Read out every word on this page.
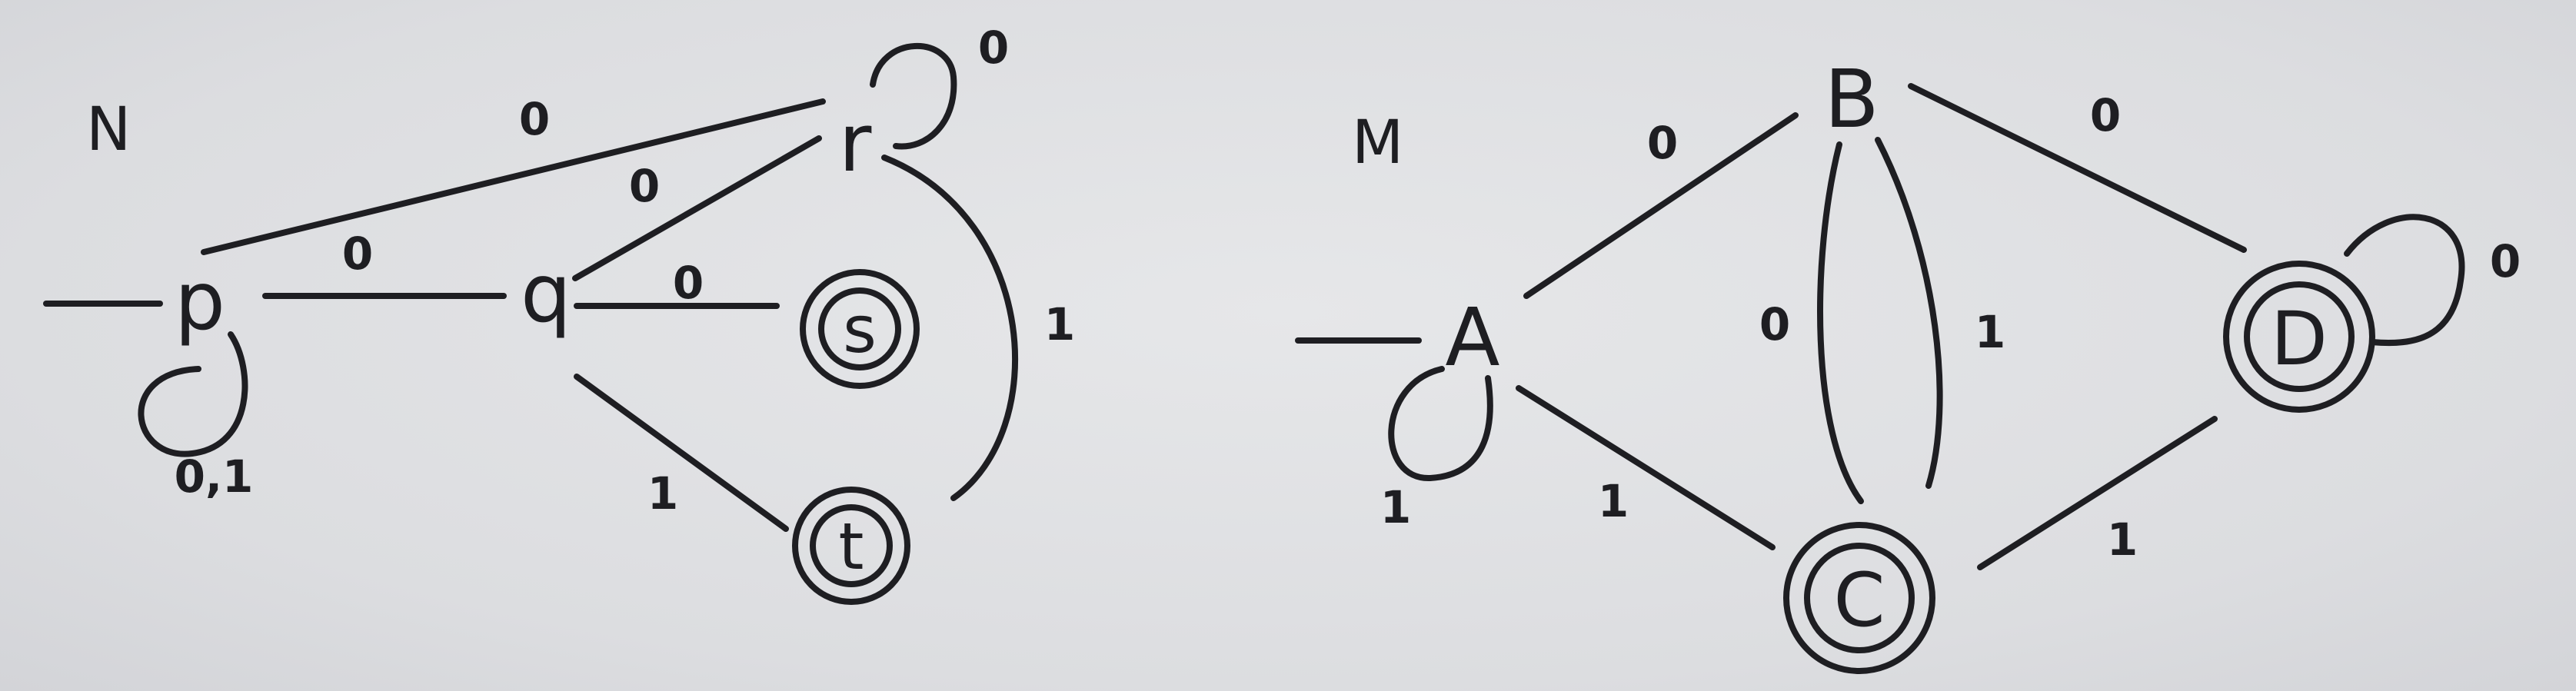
N
p	q
r
s
t
0,1
0
0
0
1
0
0
1
M
A
B
C
D
1
0
0
1
0
1
0
1
